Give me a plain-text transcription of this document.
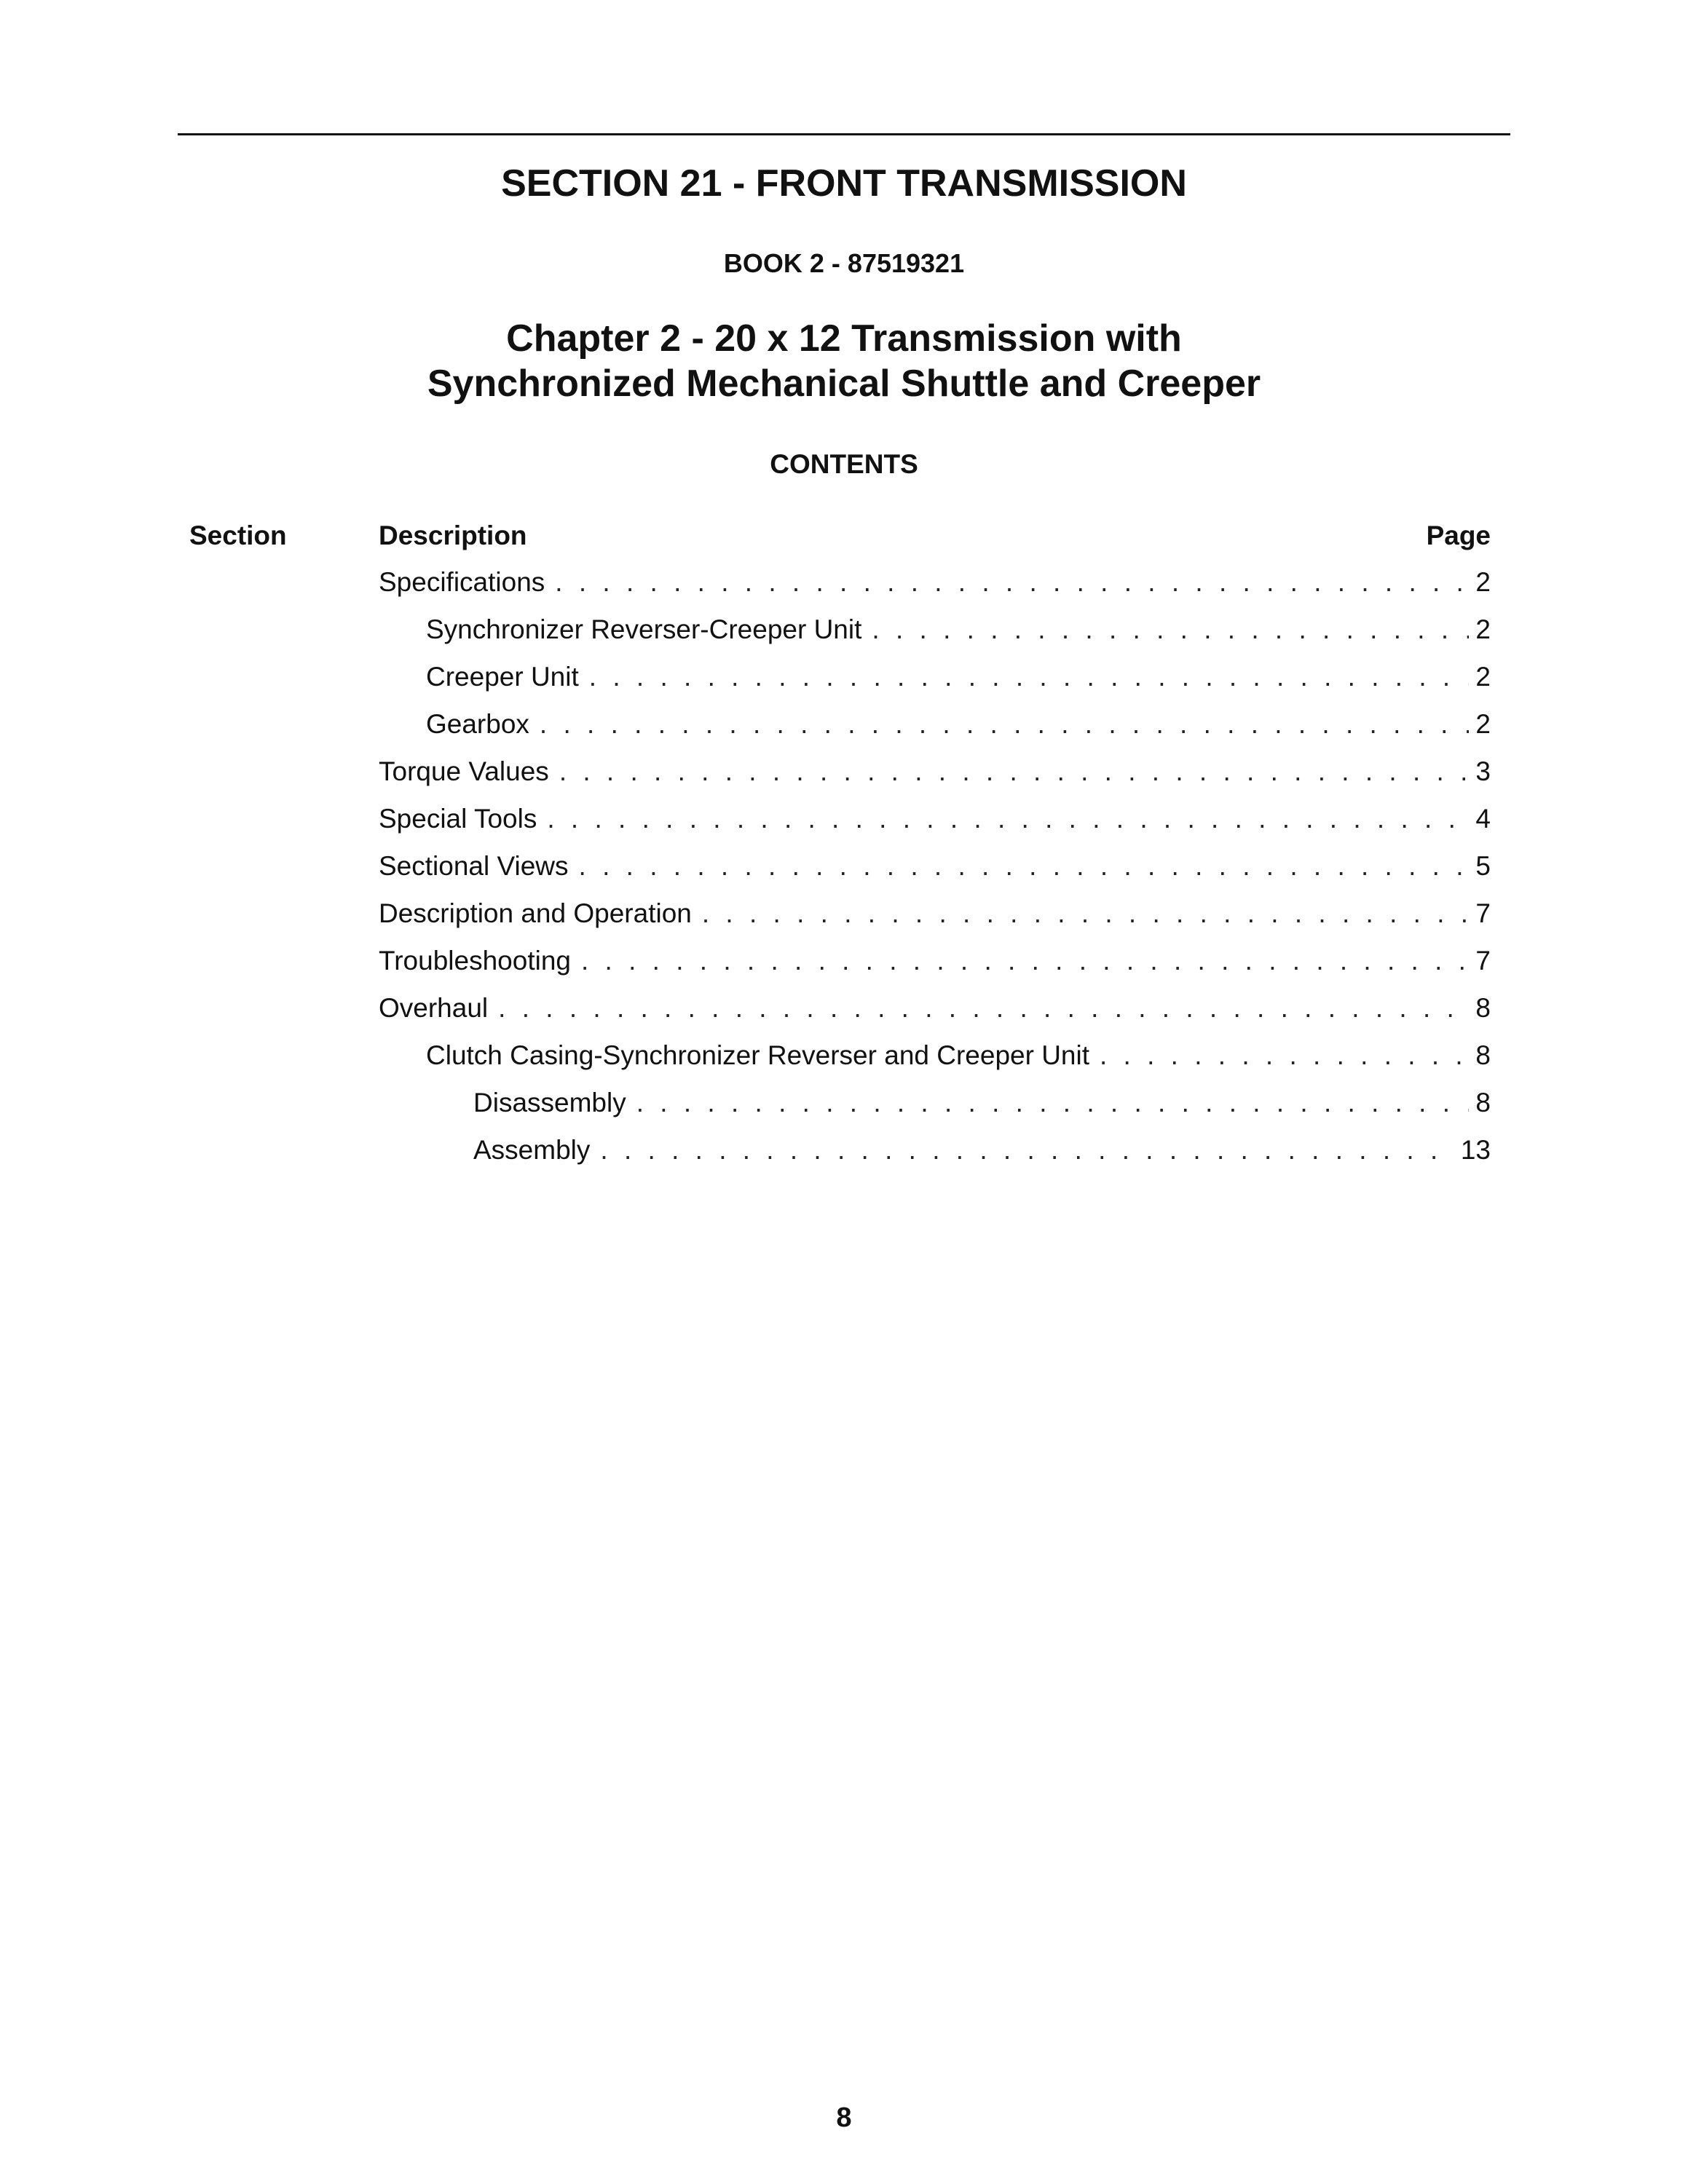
SECTION 21 - FRONT TRANSMISSION
BOOK 2 - 87519321
Chapter 2 - 20 x 12 Transmission with
Synchronized Mechanical Shuttle and Creeper
CONTENTS
Section	Description	Page
Specifications . . .	2
Synchronizer Reverser-Creeper Unit . . .	2
Creeper Unit . . .	2
Gearbox . . .	2
Torque Values . . .	3
Special Tools . . .	4
Sectional Views . . .	5
Description and Operation . . .	7
Troubleshooting . . .	7
Overhaul . . .	8
Clutch Casing-Synchronizer Reverser and Creeper Unit . . .	8
Disassembly . . .	8
Assembly . . .	13
8
